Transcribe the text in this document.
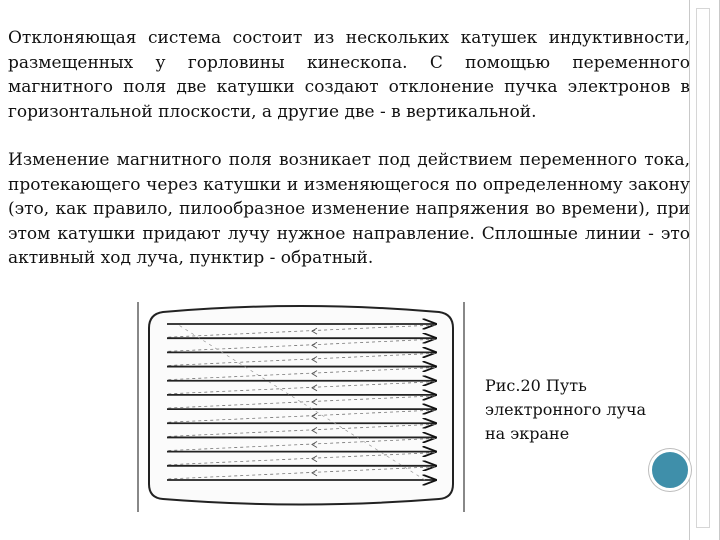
Отклоняющая система состоит из нескольких катушек индуктивности, размещенных у горловины кинескопа. С помощью переменного магнитного поля две катушки создают отклонение пучка электронов в горизонтальной плоскости, а другие две - в вертикальной.

Изменение магнитного поля возникает под действием переменного тока, протекающего через катушки и изменяющегося по определенному закону (это, как правило, пилообразное изменение напряжения во времени), при этом катушки придают лучу нужное направление. Сплошные линии - это активный ход луча, пунктир - обратный.

Рис.20 Путь электронного луча на экране
